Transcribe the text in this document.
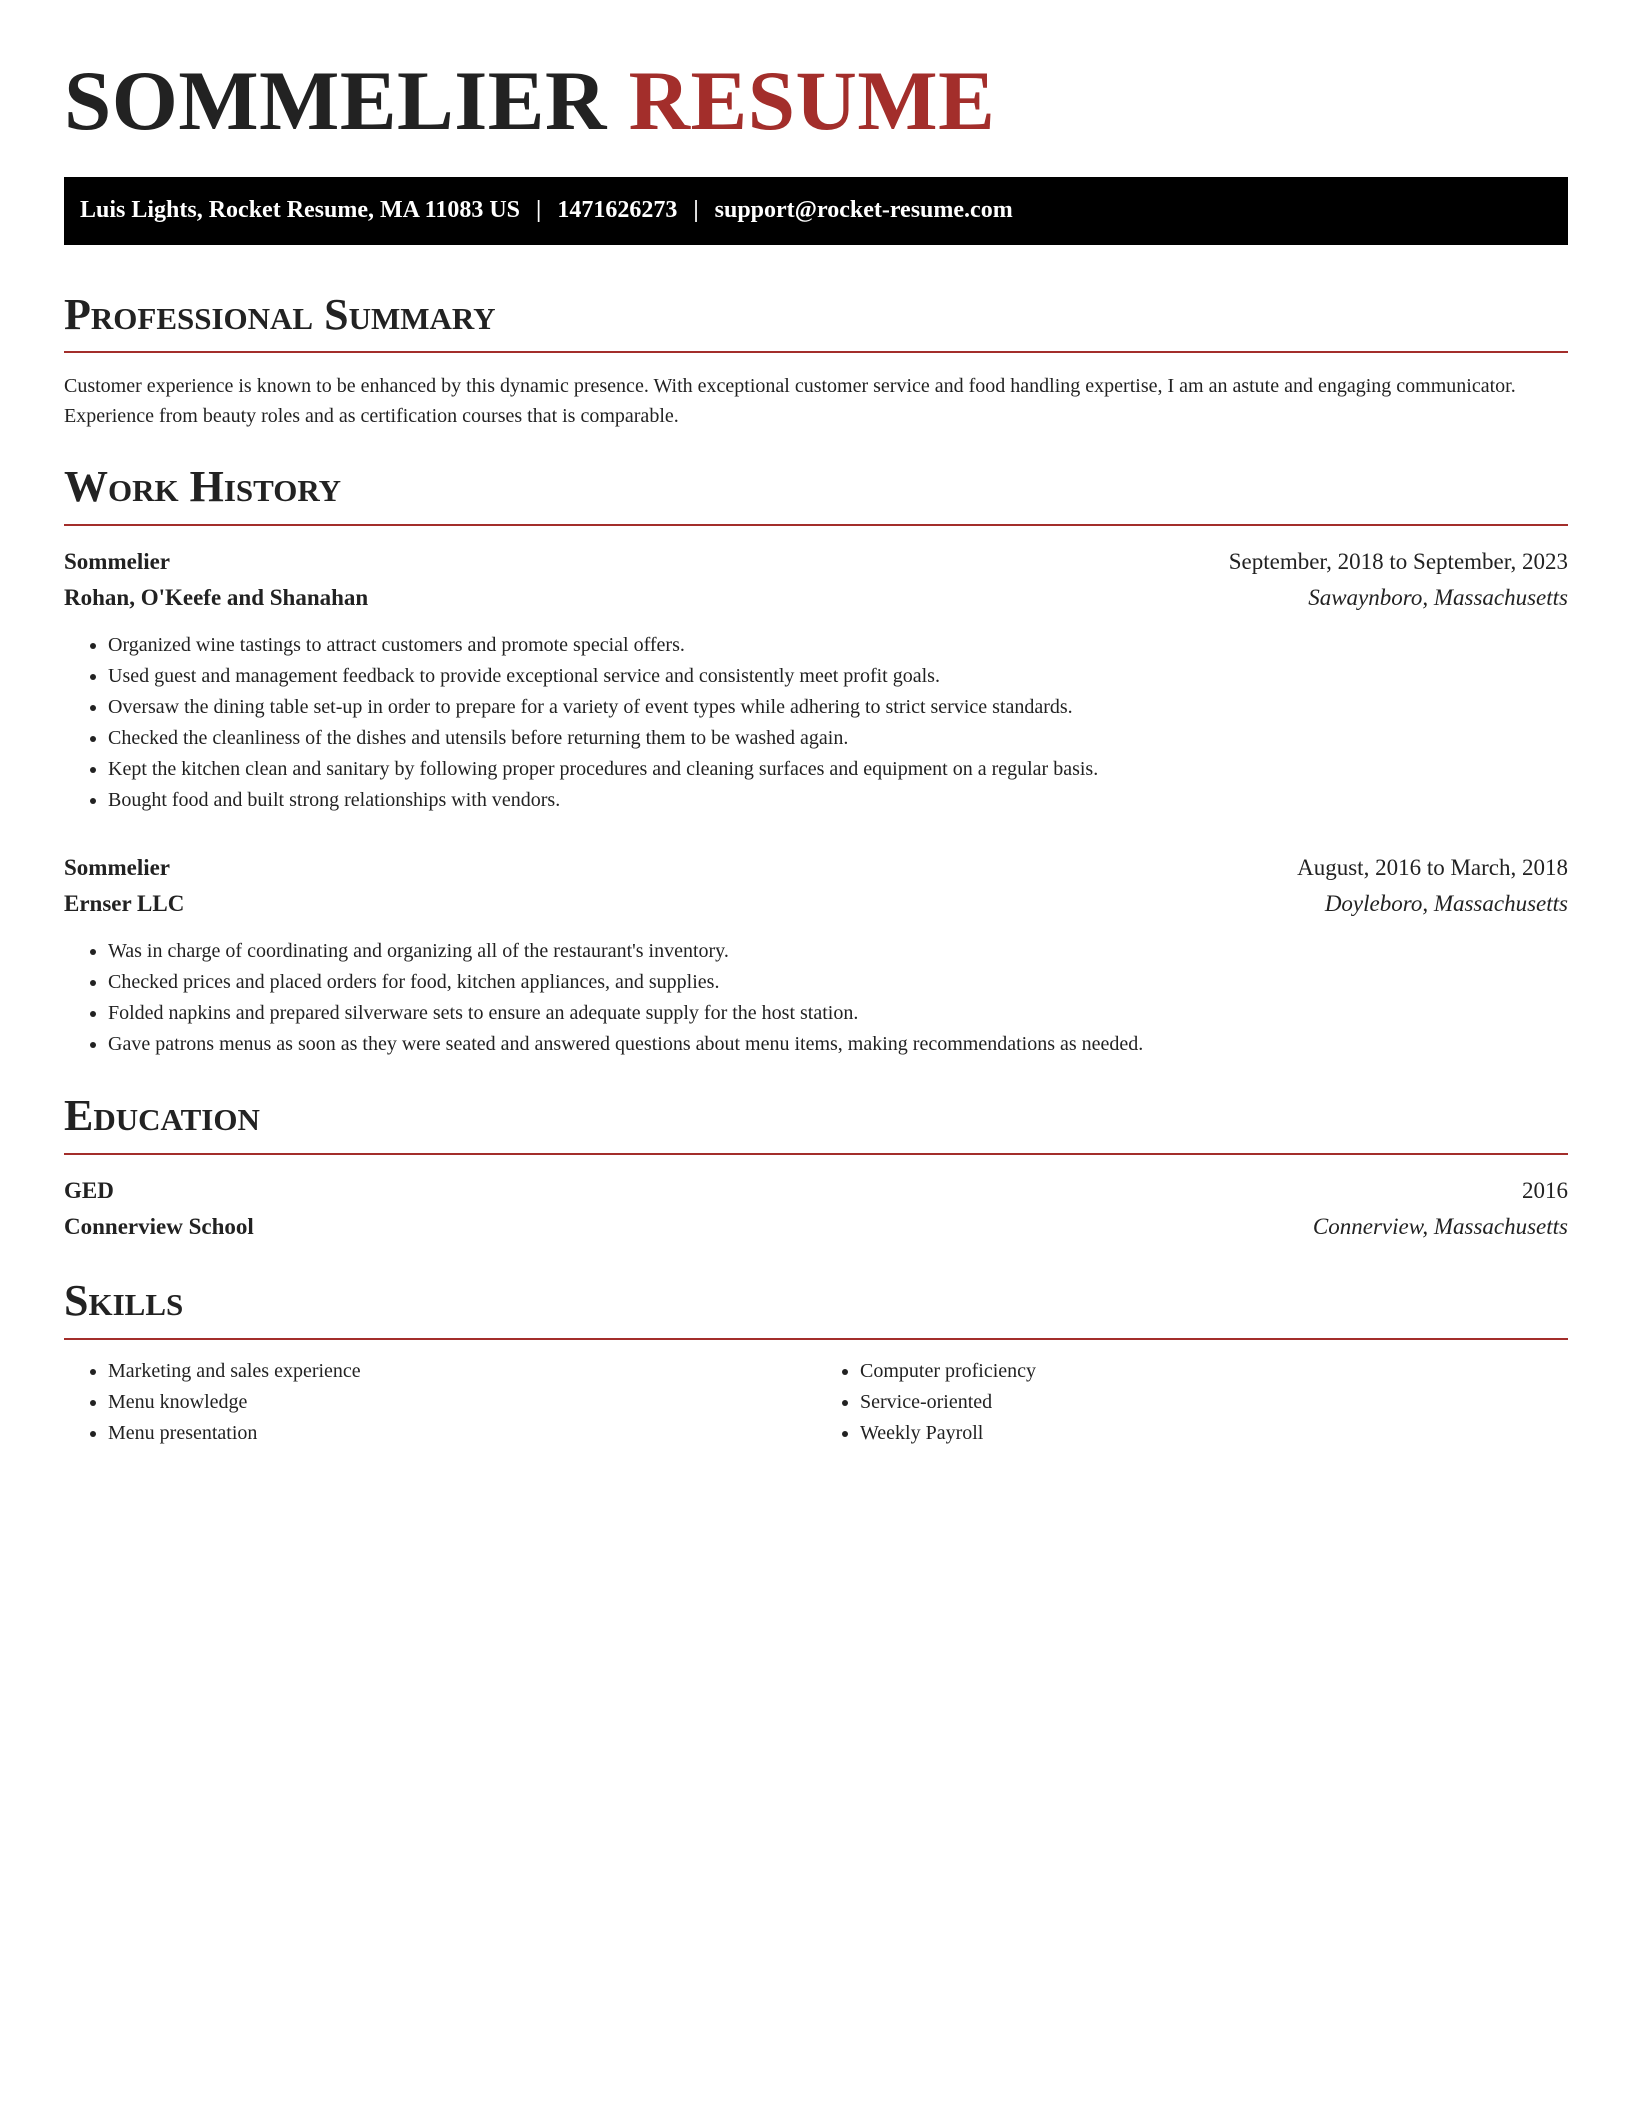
SOMMELIER RESUME
Luis Lights, Rocket Resume, MA 11083 US | 1471626273 | support@rocket-resume.com
Professional Summary

Customer experience is known to be enhanced by this dynamic presence. With exceptional customer service and food handling expertise, I am an astute and engaging communicator. Experience from beauty roles and as certification courses that is comparable.

Work History
Sommelier	September, 2018 to September, 2023
Rohan, O'Keefe and Shanahan	Sawaynboro, Massachusetts
• Organized wine tastings to attract customers and promote special offers.
• Used guest and management feedback to provide exceptional service and consistently meet profit goals.
• Oversaw the dining table set-up in order to prepare for a variety of event types while adhering to strict service standards.
• Checked the cleanliness of the dishes and utensils before returning them to be washed again.
• Kept the kitchen clean and sanitary by following proper procedures and cleaning surfaces and equipment on a regular basis.
• Bought food and built strong relationships with vendors.
Sommelier	August, 2016 to March, 2018
Ernser LLC	Doyleboro, Massachusetts
• Was in charge of coordinating and organizing all of the restaurant's inventory.
• Checked prices and placed orders for food, kitchen appliances, and supplies.
• Folded napkins and prepared silverware sets to ensure an adequate supply for the host station.
• Gave patrons menus as soon as they were seated and answered questions about menu items, making recommendations as needed.
Education
GED	2016
Connerview School	Connerview, Massachusetts
Skills
• Marketing and sales experience
• Menu knowledge
• Menu presentation
• Computer proficiency
• Service-oriented
• Weekly Payroll
